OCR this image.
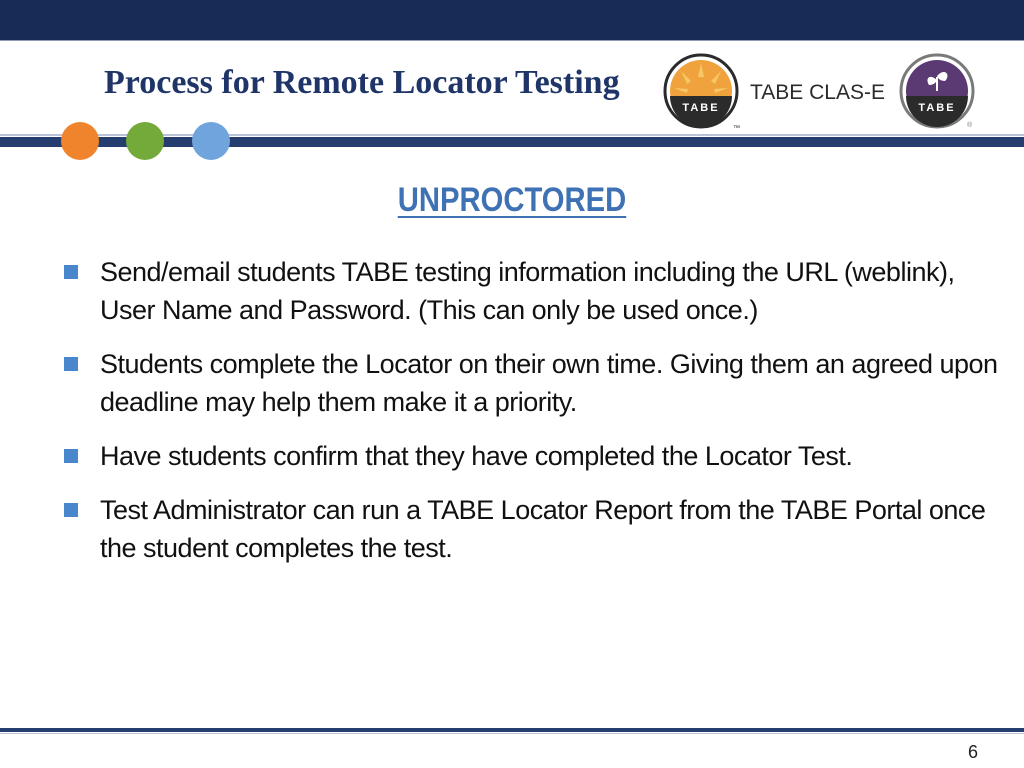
Process for Remote Locator Testing
TABE
™
TABE CLAS-E
TABE
®
UNPROCTORED
Send/email students TABE testing information including the URL (weblink), User Name and Password. (This can only be used once.)
Students complete the Locator on their own time. Giving them an agreed upon deadline may help them make it a priority.
Have students confirm that they have completed the Locator Test.
Test Administrator can run a TABE Locator Report from the TABE Portal once the student completes the test.
6
